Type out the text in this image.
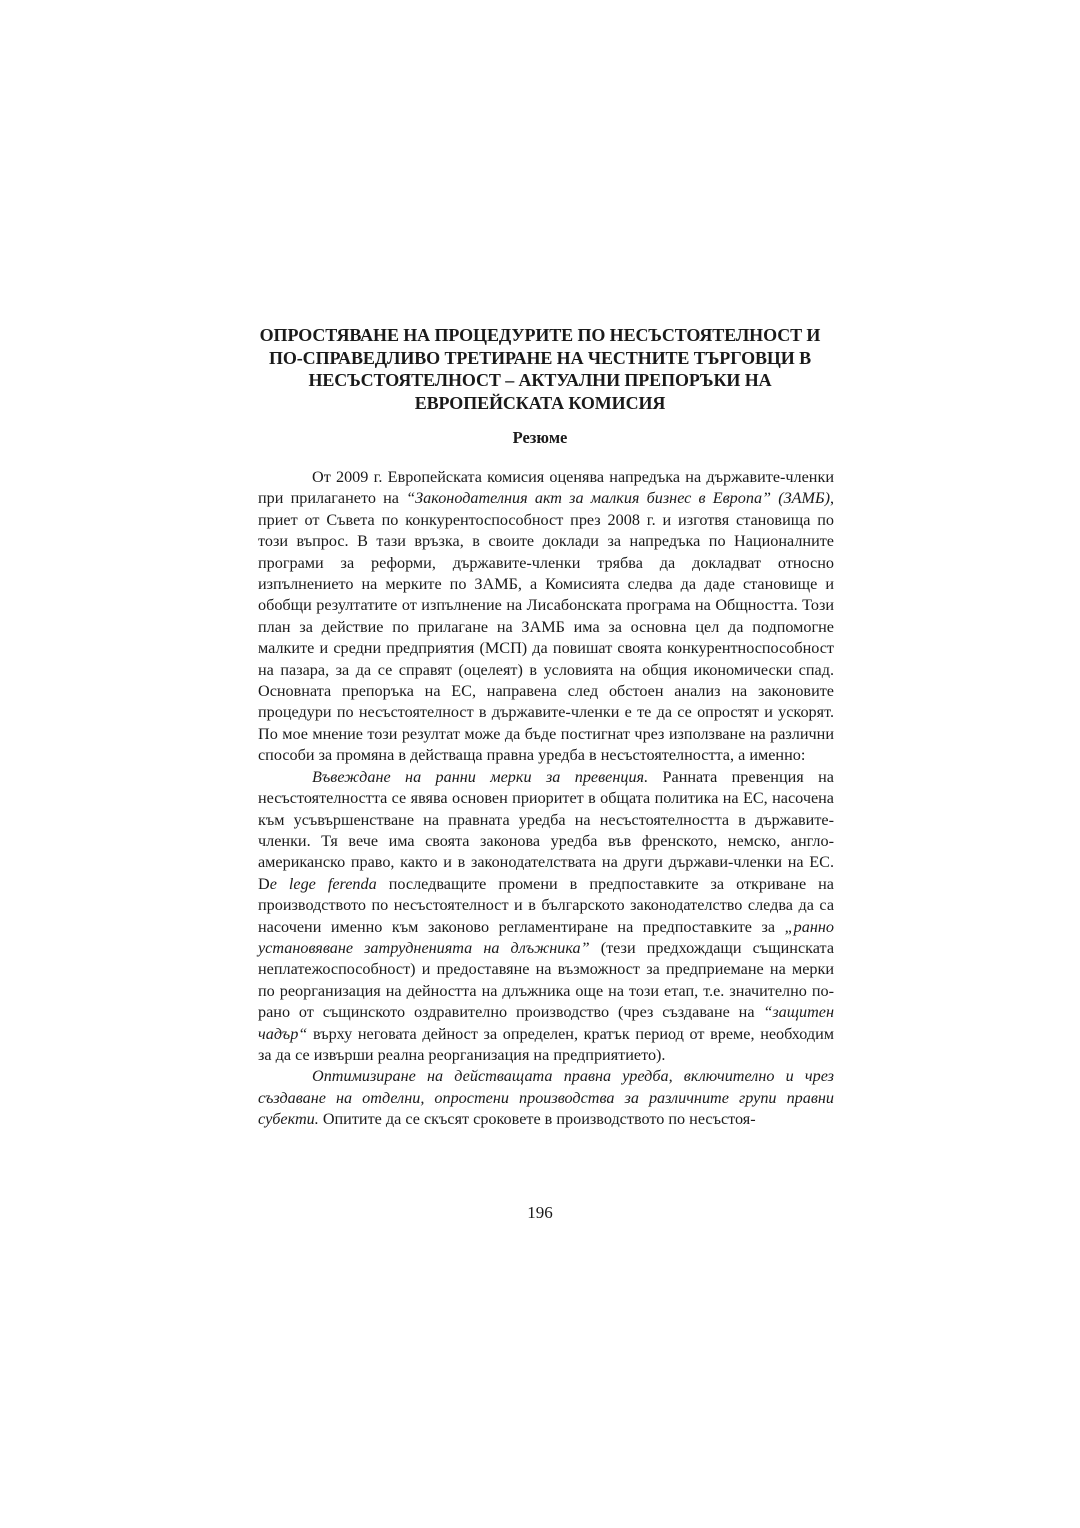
ОПРОСТЯВАНЕ НА ПРОЦЕДУРИТЕ ПО НЕСЪСТОЯТЕЛНОСТ И
ПО-СПРАВЕДЛИВО ТРЕТИРАНЕ НА ЧЕСТНИТЕ ТЪРГОВЦИ В
НЕСЪСТОЯТЕЛНОСТ – АКТУАЛНИ ПРЕПОРЪКИ НА
ЕВРОПЕЙСКАТА КОМИСИЯ
Резюме

От 2009 г. Европейската комисия оценява напредъка на държавите-членки при прилагането на “Законодателния акт за малкия бизнес в Европа” (ЗАМБ), приет от Съвета по конкурентоспособност през 2008 г. и изготвя становища по този въпрос. В тази връзка, в своите доклади за напредъка по Националните програми за реформи, държавите-членки трябва да докладват относно изпълнението на мерките по ЗАМБ, а Комисията следва да даде становище и обобщи резултатите от изпълнение на Лисабонската програма на Общността. Този план за действие по прилагане на ЗАМБ има за основна цел да подпомогне малките и средни предприятия (МСП) да повишат своята конкурентноспособност на пазара, за да се справят (оцелеят) в условията на общия икономически спад. Основната препоръка на ЕС, направена след обстоен анализ на законовите процедури по несъстоятелност в държавите-членки е те да се опростят и ускорят. По мое мнение този резултат може да бъде постигнат чрез използване на различни способи за промяна в действаща правна уредба в несъстоятелността, а именно:

Въвеждане на ранни мерки за превенция. Ранната превенция на несъстоятелността се явява основен приоритет в общата политика на ЕС, насочена към усъвършенстване на правната уредба на несъстоятелността в държавите-членки. Тя вече има своята законова уредба във френското, немско, англо-американско право, както и в законодателствата на други държави-членки на ЕС. De lege ferenda последващите промени в предпоставките за откриване на производството по несъстоятелност и в българското законодателство следва да са насочени именно към законово регламентиране на предпоставките за „ранно установяване затрудненията на длъжника” (тези предхождащи същинската неплатежоспособност) и предоставяне на възможност за предприемане на мерки по реорганизация на дейността на длъжника още на този етап, т.е. значително по-рано от същинското оздравително производство (чрез създаване на “защитен чадър“ върху неговата дейност за определен, кратък период от време, необходим за да се извърши реална реорганизация на предприятието).

Оптимизиране на действащата правна уредба, включително и чрез създаване на отделни, опростени производства за различните групи правни субекти. Опитите да се скъсят сроковете в производството по несъстоя-

196
